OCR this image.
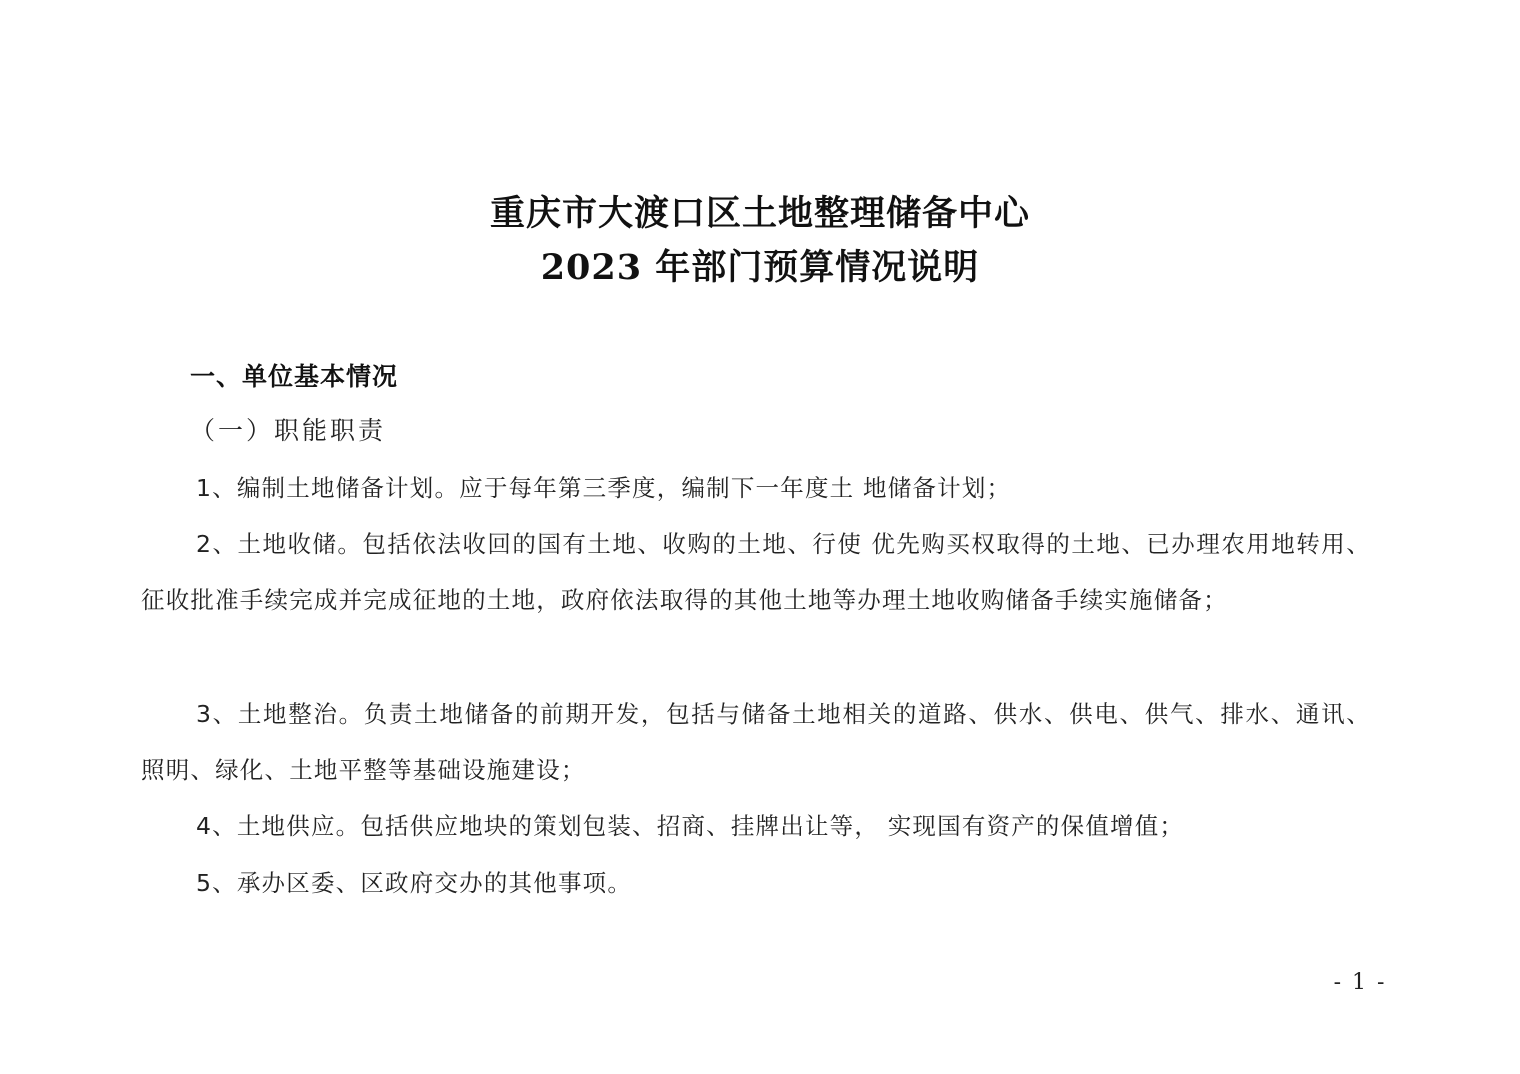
重庆市大渡口区土地整理储备中心
2023 年部门预算情况说明
一、单位基本情况
（一）职能职责

1、编制土地储备计划。应于每年第三季度，编制下一年度土 地储备计划；

2、土地收储。包括依法收回的国有土地、收购的土地、行使 优先购买权取得的土地、已办理农用地转用、征收批准手续完成并完成征地的土地，政府依法取得的其他土地等办理土地收购储备手续实施储备；

3、土地整治。负责土地储备的前期开发，包括与储备土地相关的道路、供水、供电、供气、排水、通讯、照明、绿化、土地平整等基础设施建设；

4、土地供应。包括供应地块的策划包装、招商、挂牌出让等， 实现国有资产的保值增值；

5、承办区委、区政府交办的其他事项。

- 1 -
